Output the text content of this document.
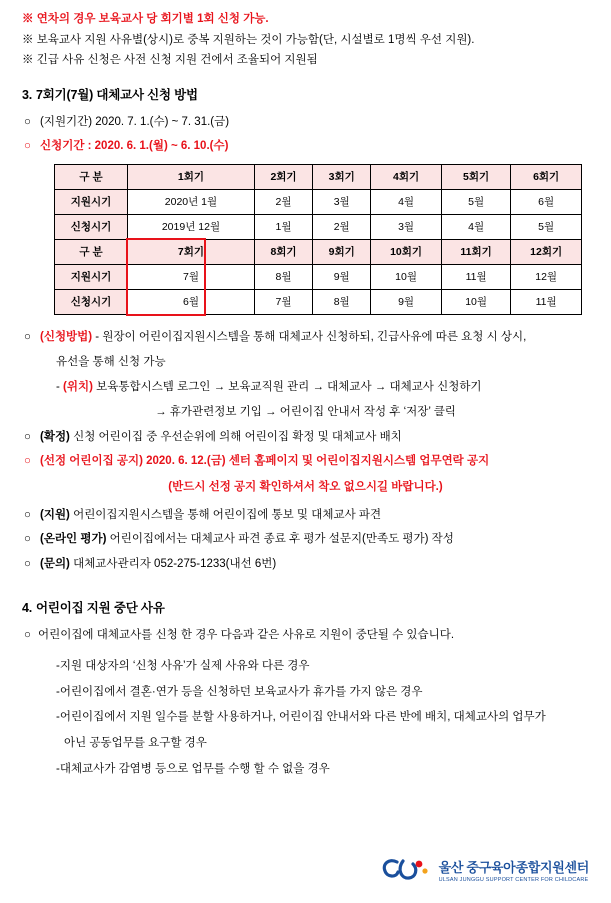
※ 연차의 경우 보육교사 당 회기별 1회 신청 가능.
※ 보육교사 지원 사유별(상시)로 중복 지원하는 것이 가능함(단, 시설별로 1명씩 우선 지원).
※ 긴급 사유 신청은 사전 신청 지원 건에서 조율되어 지원됨
3. 7회기(7월) 대체교사 신청 방법
○ (지원기간) 2020. 7. 1.(수) ~ 7. 31.(금)
○ 신청기간 : 2020. 6. 1.(월) ~ 6. 10.(수)
구 분	1회기	2회기	3회기	4회기	5회기	6회기
지원시기	2020년 1월	2월	3월	4월	5월	6월
신청시기	2019년 12월	1월	2월	3월	4월	5월
구 분	7회기	8회기	9회기	10회기	11회기	12회기
지원시기	7월	8월	9월	10월	11월	12월
신청시기	6월	7월	8월	9월	10월	11월
○ (신청방법) - 원장이 어린이집지원시스템을 통해 대체교사 신청하되, 긴급사유에 따른 요청 시 상시,
유선을 통해 신청 가능
- (위치) 보육통합시스템 로그인 → 보육교직원 관리 → 대체교사 → 대체교사 신청하기
→ 휴가관련정보 기입 → 어린이집 안내서 작성 후 ‘저장’ 클릭
○ (확정) 신청 어린이집 중 우선순위에 의해 어린이집 확정 및 대체교사 배치
○ (선정 어린이집 공지) 2020. 6. 12.(금) 센터 홈페이지 및 어린이집지원시스템 업무연락 공지
(반드시 선정 공지 확인하셔서 착오 없으시길 바랍니다.)
○ (지원) 어린이집지원시스템을 통해 어린이집에 통보 및 대체교사 파견
○ (온라인 평가) 어린이집에서는 대체교사 파견 종료 후 평가 설문지(만족도 평가) 작성
○ (문의) 대체교사관리자 052-275-1233(내선 6번)
4. 어린이집 지원 중단 사유
○ 어린이집에 대체교사를 신청 한 경우 다음과 같은 사유로 지원이 중단될 수 있습니다.
-지원 대상자의 ‘신청 사유’가 실제 사유와 다른 경우
-어린이집에서 결혼·연가 등을 신청하던 보육교사가 휴가를 가지 않은 경우
-어린이집에서 지원 일수를 분할 사용하거나, 어린이집 안내서와 다른 반에 배치, 대체교사의 업무가
아닌 공동업무를 요구할 경우
-대체교사가 감염병 등으로 업무를 수행 할 수 없을 경우
울산 중구육아종합지원센터
ULSAN JUNGGU SUPPORT CENTER FOR CHILDCARE
